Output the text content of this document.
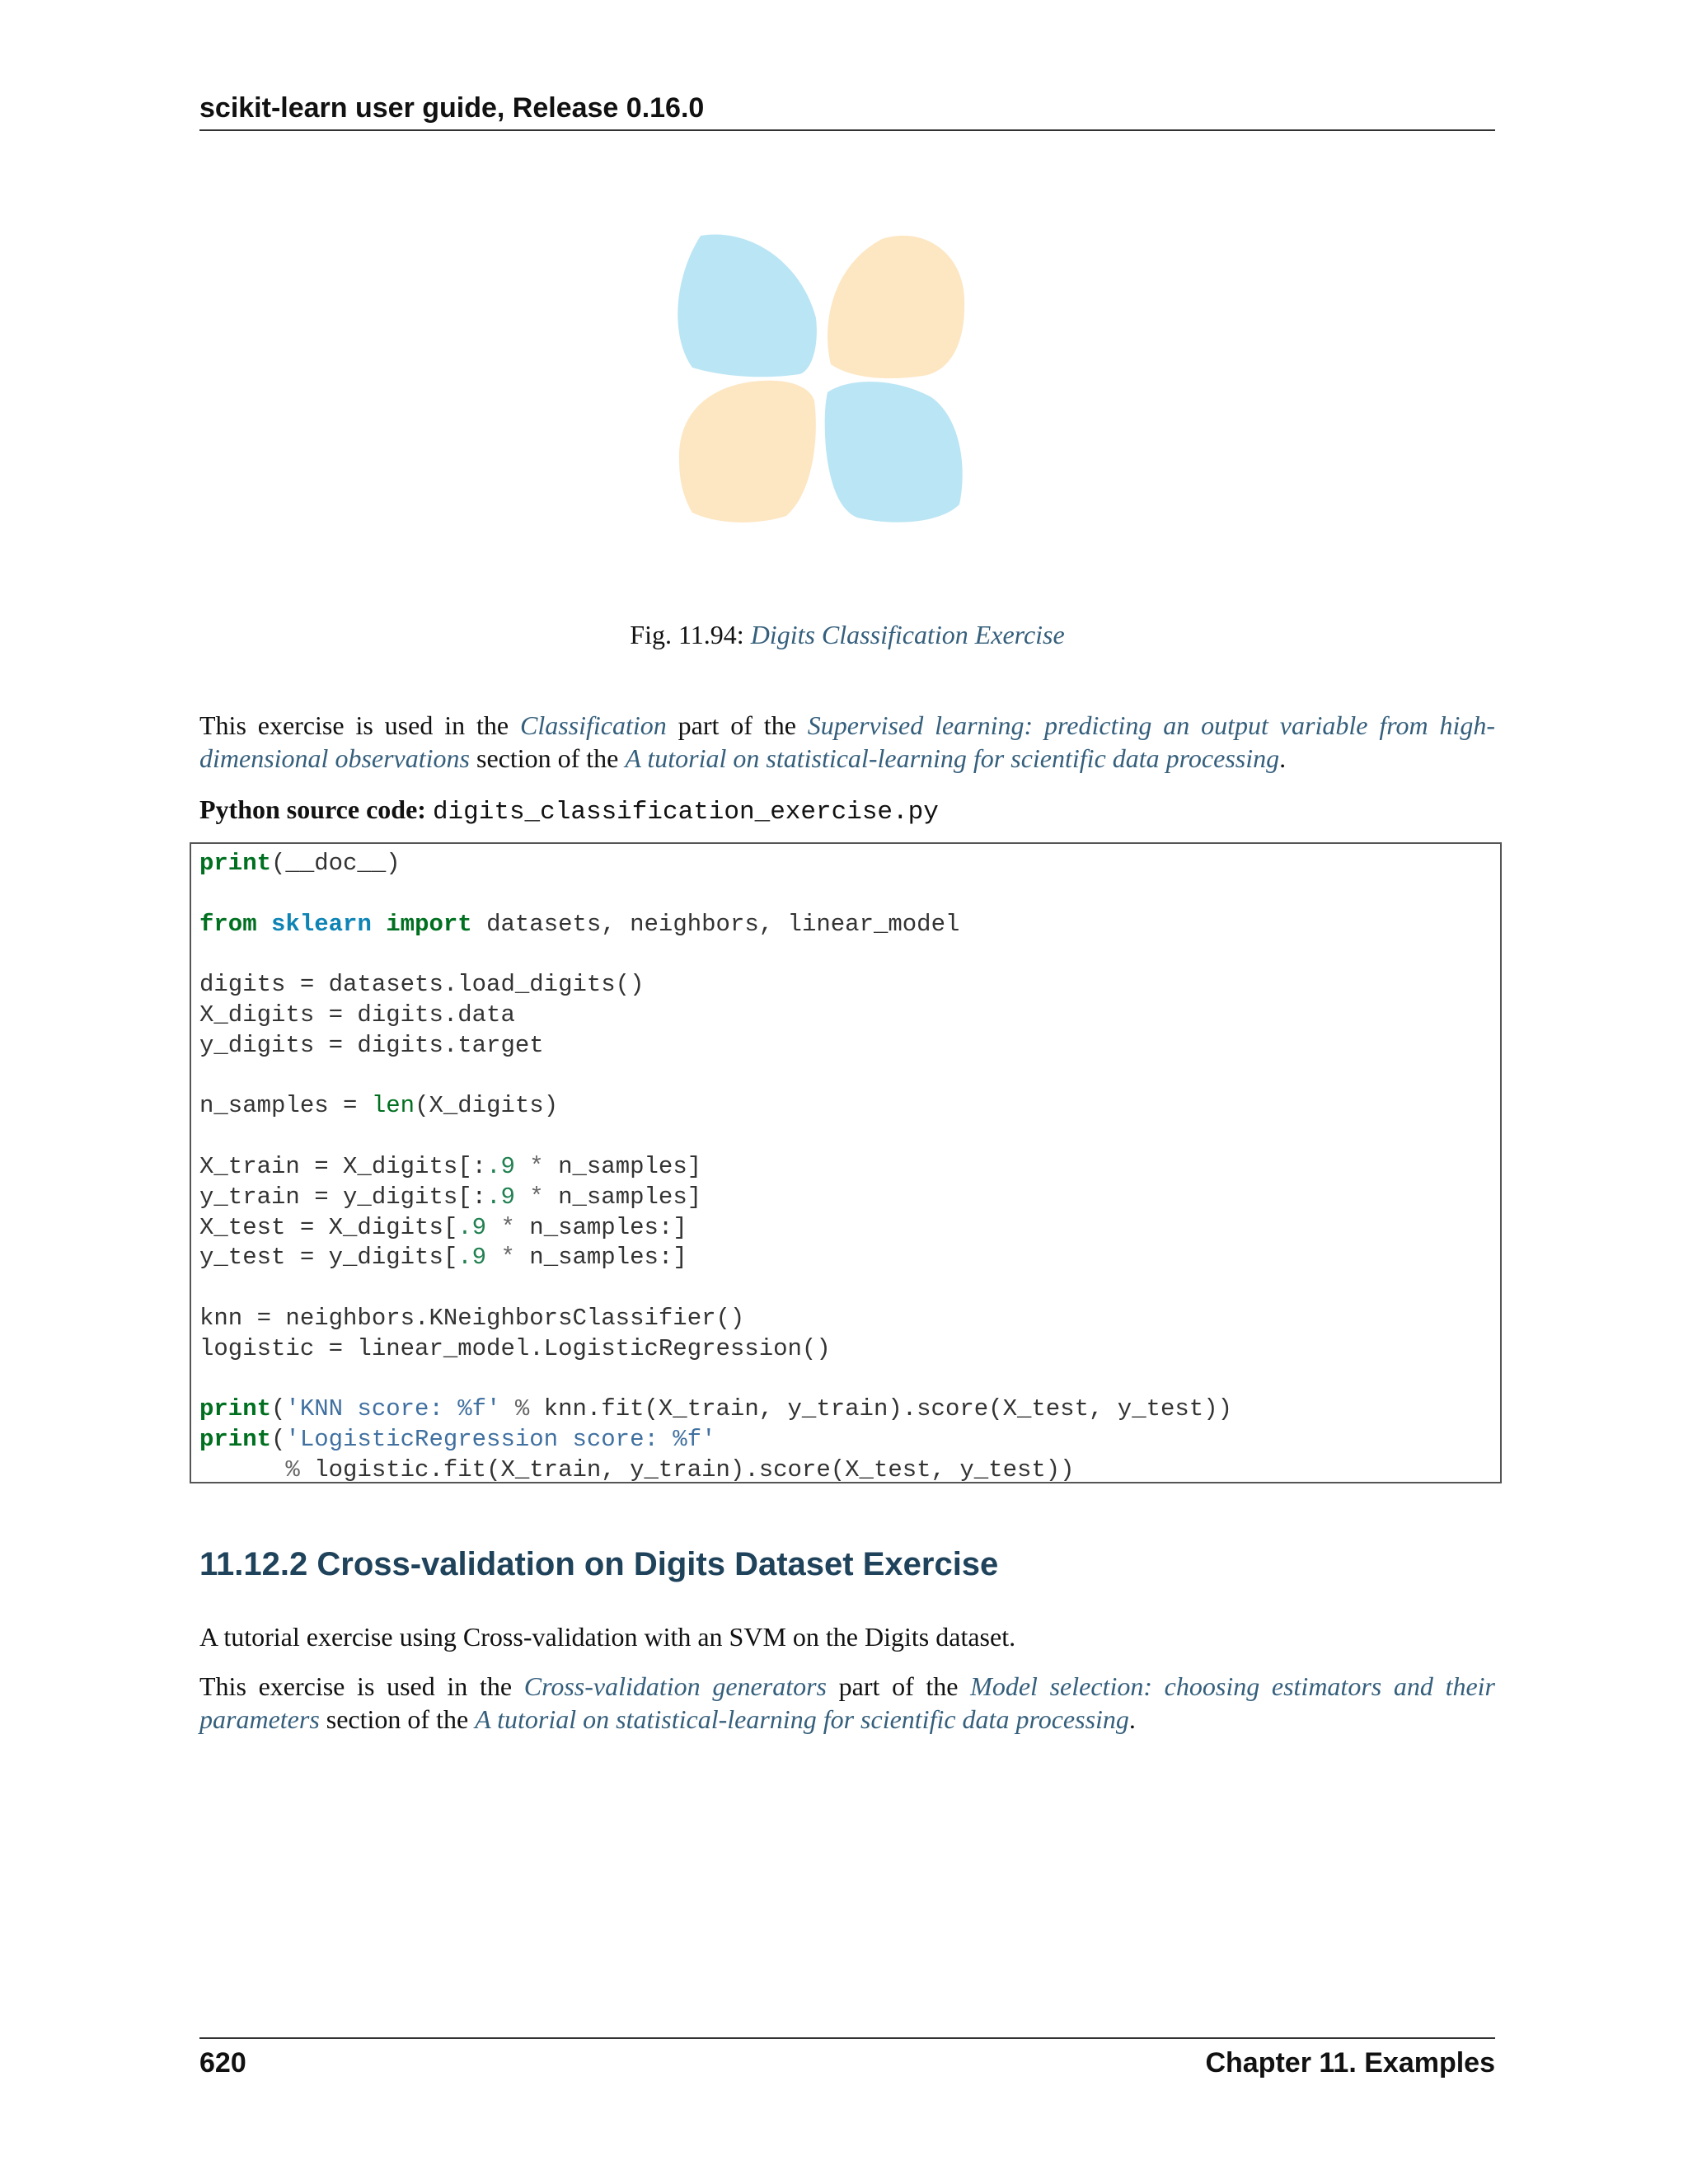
scikit-learn user guide, Release 0.16.0
Fig. 11.94: Digits Classification Exercise
This exercise is used in the Classification part of the Supervised learning: predicting an output variable from high-dimensional observations section of the A tutorial on statistical-learning for scientific data processing.
Python source code: digits_classification_exercise.py
print(__doc__)

from sklearn import datasets, neighbors, linear_model

digits = datasets.load_digits()
X_digits = digits.data
y_digits = digits.target

n_samples = len(X_digits)

X_train = X_digits[:.9 * n_samples]
y_train = y_digits[:.9 * n_samples]
X_test = X_digits[.9 * n_samples:]
y_test = y_digits[.9 * n_samples:]

knn = neighbors.KNeighborsClassifier()
logistic = linear_model.LogisticRegression()

print('KNN score: %f' % knn.fit(X_train, y_train).score(X_test, y_test))
print('LogisticRegression score: %f'
% logistic.fit(X_train, y_train).score(X_test, y_test))
11.12.2 Cross-validation on Digits Dataset Exercise
A tutorial exercise using Cross-validation with an SVM on the Digits dataset.
This exercise is used in the Cross-validation generators part of the Model selection: choosing estimators and their parameters section of the A tutorial on statistical-learning for scientific data processing.
620	Chapter 11. Examples
